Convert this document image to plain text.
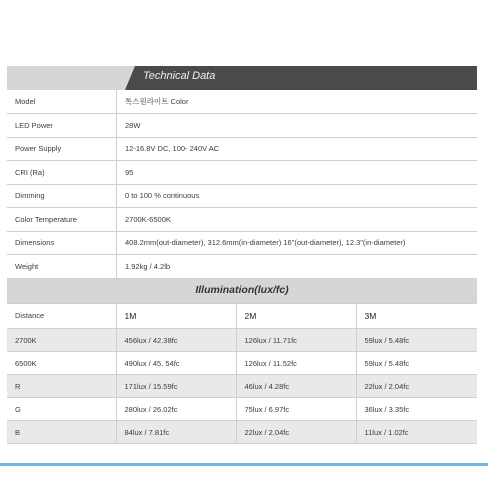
Technical Data
Model	톡스원라이트 Color
LED Power	28W
Power Supply	12-16.8V DC, 100- 240V AC
CRI (Ra)	95
Dimming	0 to 100 % continuous
Color Temperature	2700K-6500K
Dimensions	408.2mm(out-diameter), 312.6mm(in-diameter) 16"(out-diameter), 12.3"(in-diameter)
Weight	1.92kg / 4.2lb
Illumination(lux/fc)
Distance	1M	2M	3M
2700K	456lux / 42.38fc	126lux / 11.71fc	59lux / 5.48fc
6500K	490lux / 45. 54fc	126lux / 11.52fc	59lux / 5.48fc
R	171lux / 15.59fc	46lux / 4.28fc	22lux / 2.04fc
G	280lux / 26.02fc	75lux / 6.97fc	36lux / 3.35fc
B	84lux / 7.81fc	22lux / 2.04fc	11lux / 1.02fc
